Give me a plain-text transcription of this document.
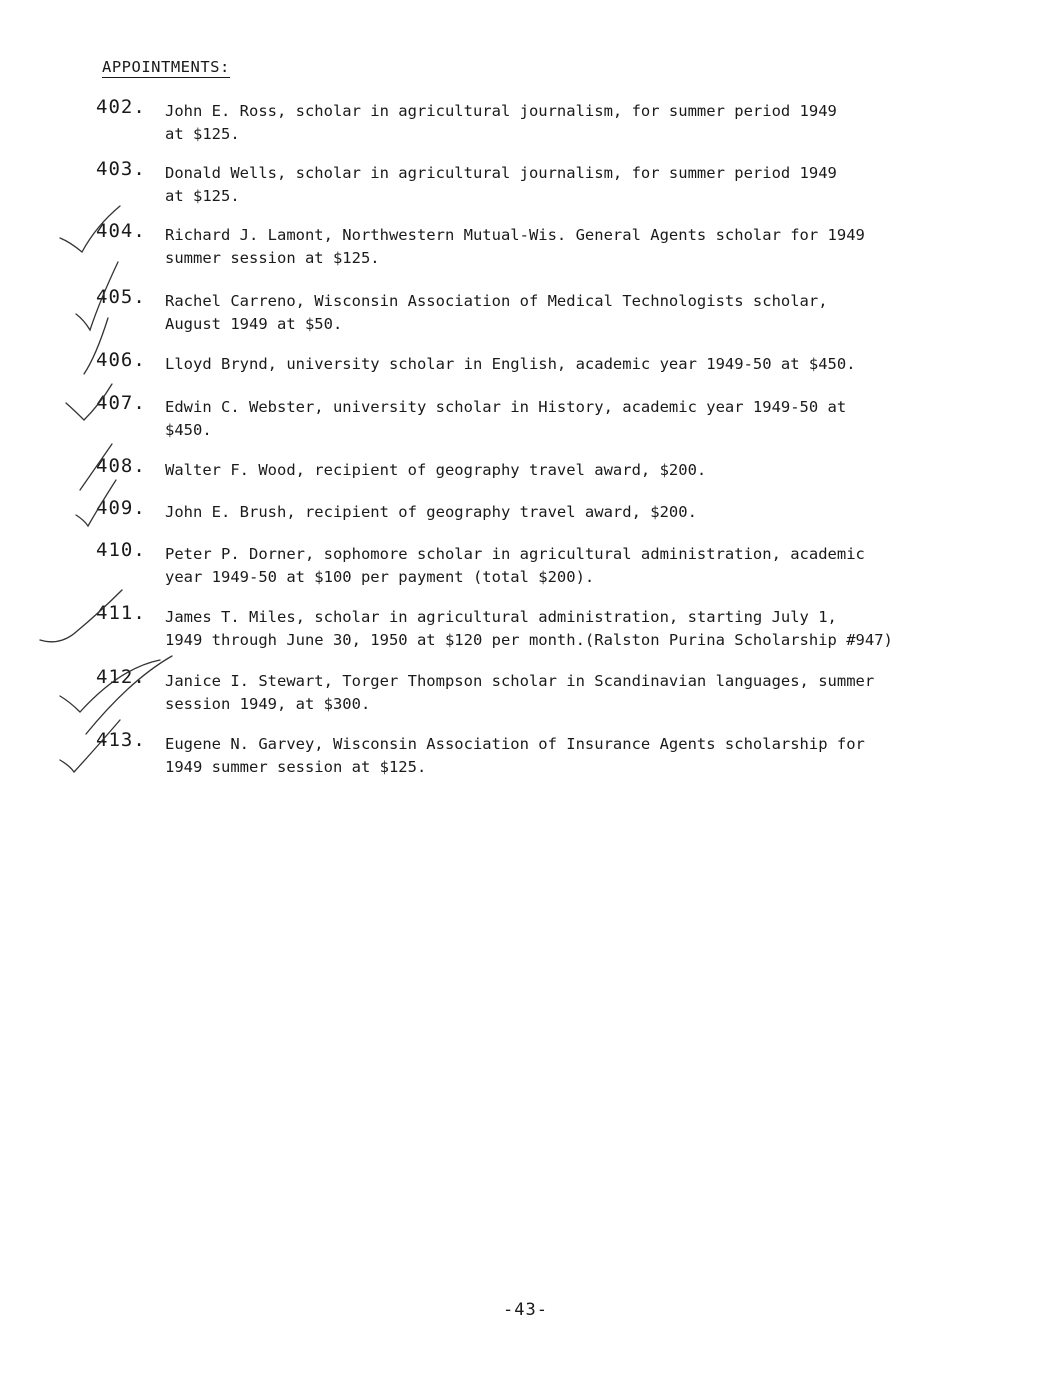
APPOINTMENTS:
402. John E. Ross, scholar in agricultural journalism, for summer period 1949
at $125.
403. Donald Wells, scholar in agricultural journalism, for summer period 1949
at $125.
404. Richard J. Lamont, Northwestern Mutual-Wis. General Agents scholar for 1949
summer session at $125.
405. Rachel Carreno, Wisconsin Association of Medical Technologists scholar,
August 1949 at $50.
406. Lloyd Brynd, university scholar in English, academic year 1949-50 at $450.
407. Edwin C. Webster, university scholar in History, academic year 1949-50 at
$450.
408. Walter F. Wood, recipient of geography travel award, $200.
409. John E. Brush, recipient of geography travel award, $200.
410. Peter P. Dorner, sophomore scholar in agricultural administration, academic
year 1949-50 at $100 per payment (total $200).
411. James T. Miles, scholar in agricultural administration, starting July 1,
1949 through June 30, 1950 at $120 per month.(Ralston Purina Scholarship #947)
412. Janice I. Stewart, Torger Thompson scholar in Scandinavian languages, summer
session 1949, at $300.
413. Eugene N. Garvey, Wisconsin Association of Insurance Agents scholarship for
1949 summer session at $125.
-43-
